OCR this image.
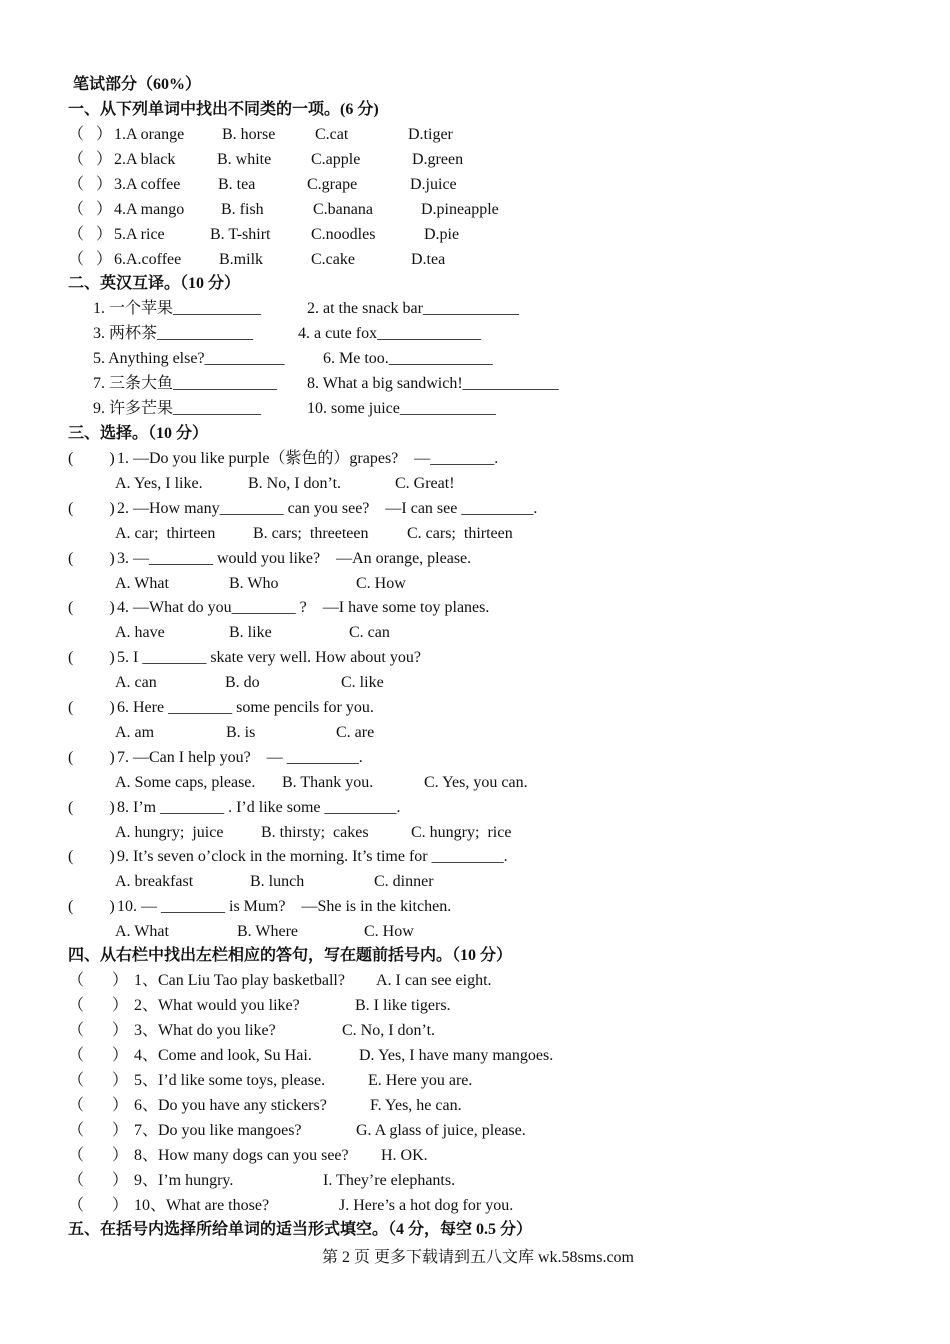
笔试部分（60%）
一、从下列单词中找出不同类的一项。(6 分)
（   ） 1.A orange B. horse C.cat	D.tiger
（   ） 2.A black	B. white C.apple	D.green
（   ） 3.A coffee B. tea	C.grape	D.juice
（   ） 4.A mango B. fish	C.banana	D.pineapple
（   ） 5.A rice	B. T-shirt	C.noodles	D.pie
（   ） 6.A.coffee B.milk	C.cake	D.tea
二、英汉互译。（10 分）
1. 一个苹果___________	2. at the snack bar____________
3. 两杯茶____________	4. a cute fox_____________
5. Anything else?__________ 6. Me too._____________
7. 三条大鱼_____________ 8. What a big sandwich!____________
9. 许多芒果___________	10. some juice____________
三、选择。（10 分）
(         ) 1. —Do you like purple（紫色的）grapes?    —________.
A. Yes, I like.	B. No, I don’t.	C. Great!
(         ) 2. —How many________ can you see?    —I can see _________.
A. car;  thirteen B. cars;  threeteen C. cars;  thirteen
(         ) 3. —________ would you like?    —An orange, please.
A. What	B. Who	C. How
(         ) 4. —What do you________ ?    —I have some toy planes.
A. have	B. like	C. can
(         ) 5. I ________ skate very well. How about you?
A. can	B. do	C. like
(         ) 6. Here ________ some pencils for you.
A. am	B. is	C. are
(         ) 7. —Can I help you?    — _________.
A. Some caps, please. B. Thank you.	C. Yes, you can.
(         ) 8. I’m ________ . I’d like some _________.
A. hungry;  juice B. thirsty;  cakes	C. hungry;  rice
(         ) 9. It’s seven o’clock in the morning. It’s time for _________.
A. breakfast	B. lunch	C. dinner
(         ) 10. — ________ is Mum?    —She is in the kitchen.
A. What	B. Where	C. How
四、从右栏中找出左栏相应的答句，写在题前括号内。（10 分）
（       ） 1、Can Liu Tao play basketball? A. I can see eight.
（       ） 2、What would you like?	B. I like tigers.
（       ） 3、What do you like?	C. No, I don’t.
（       ） 4、Come and look, Su Hai.	D. Yes, I have many mangoes.
（       ） 5、I’d like some toys, please.	E. Here you are.
（       ） 6、Do you have any stickers?	F. Yes, he can.
（       ） 7、Do you like mangoes?	G. A glass of juice, please.
（       ） 8、How many dogs can you see? H. OK.
（       ） 9、I’m hungry.	I. They’re elephants.
（       ） 10、What are those?	J. Here’s a hot dog for you.
五、在括号内选择所给单词的适当形式填空。（4 分，每空 0.5 分）
第 2 页 更多下载请到五八文库 wk.58sms.com
